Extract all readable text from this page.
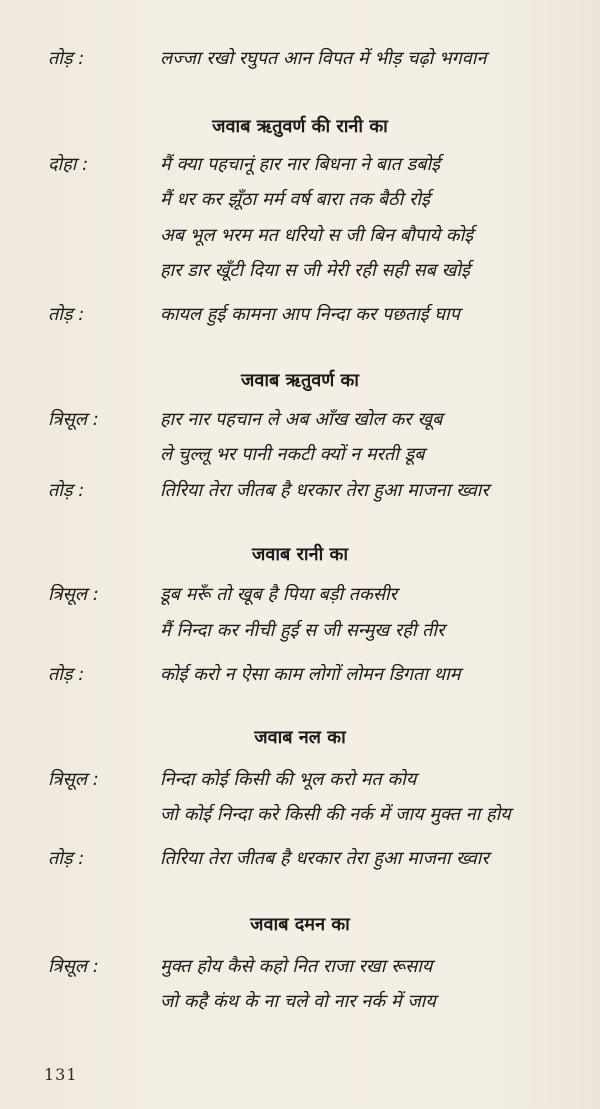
तोड़ :	लज्जा रखो रघुपत आन विपत में भीड़ चढ़ो भगवान
जवाब ऋतुवर्ण की रानी का
दोहा :	मैं क्या पहचानूं हार नार बिधना ने बात डबोई
मैं धर कर झूँठा मर्म वर्ष बारा तक बैठी रोई
अब भूल भरम मत धरियो स जी बिन बौपाये कोई
हार डार खूँटी दिया स जी मेरी रही सही सब खोई
तोड़ :	कायल हुई कामना आप निन्दा कर पछताई घाप
जवाब ऋतुवर्ण का
त्रिसूल :	हार नार पहचान ले अब आँख खोल कर खूब
ले चुल्लू भर पानी नकटी क्यों न मरती डूब
तोड़ :	तिरिया तेरा जीतब है धरकार तेरा हुआ माजना ख्वार
जवाब रानी का
त्रिसूल :	डूब मरूँ तो खूब है पिया बड़ी तकसीर
मैं निन्दा कर नीची हुई स जी सन्मुख रही तीर
तोड़ :	कोई करो न ऐसा काम लोगों लोमन डिगता थाम
जवाब नल का
त्रिसूल :	निन्दा कोई किसी की भूल करो मत कोय
जो कोई निन्दा करे किसी की नर्क में जाय मुक्त ना होय
तोड़ :	तिरिया तेरा जीतब है धरकार तेरा हुआ माजना ख्वार
जवाब दमन का
त्रिसूल :	मुक्त होय कैसे कहो नित राजा रखा रूसाय
जो कहै कंथ के ना चले वो नार नर्क में जाय
131
